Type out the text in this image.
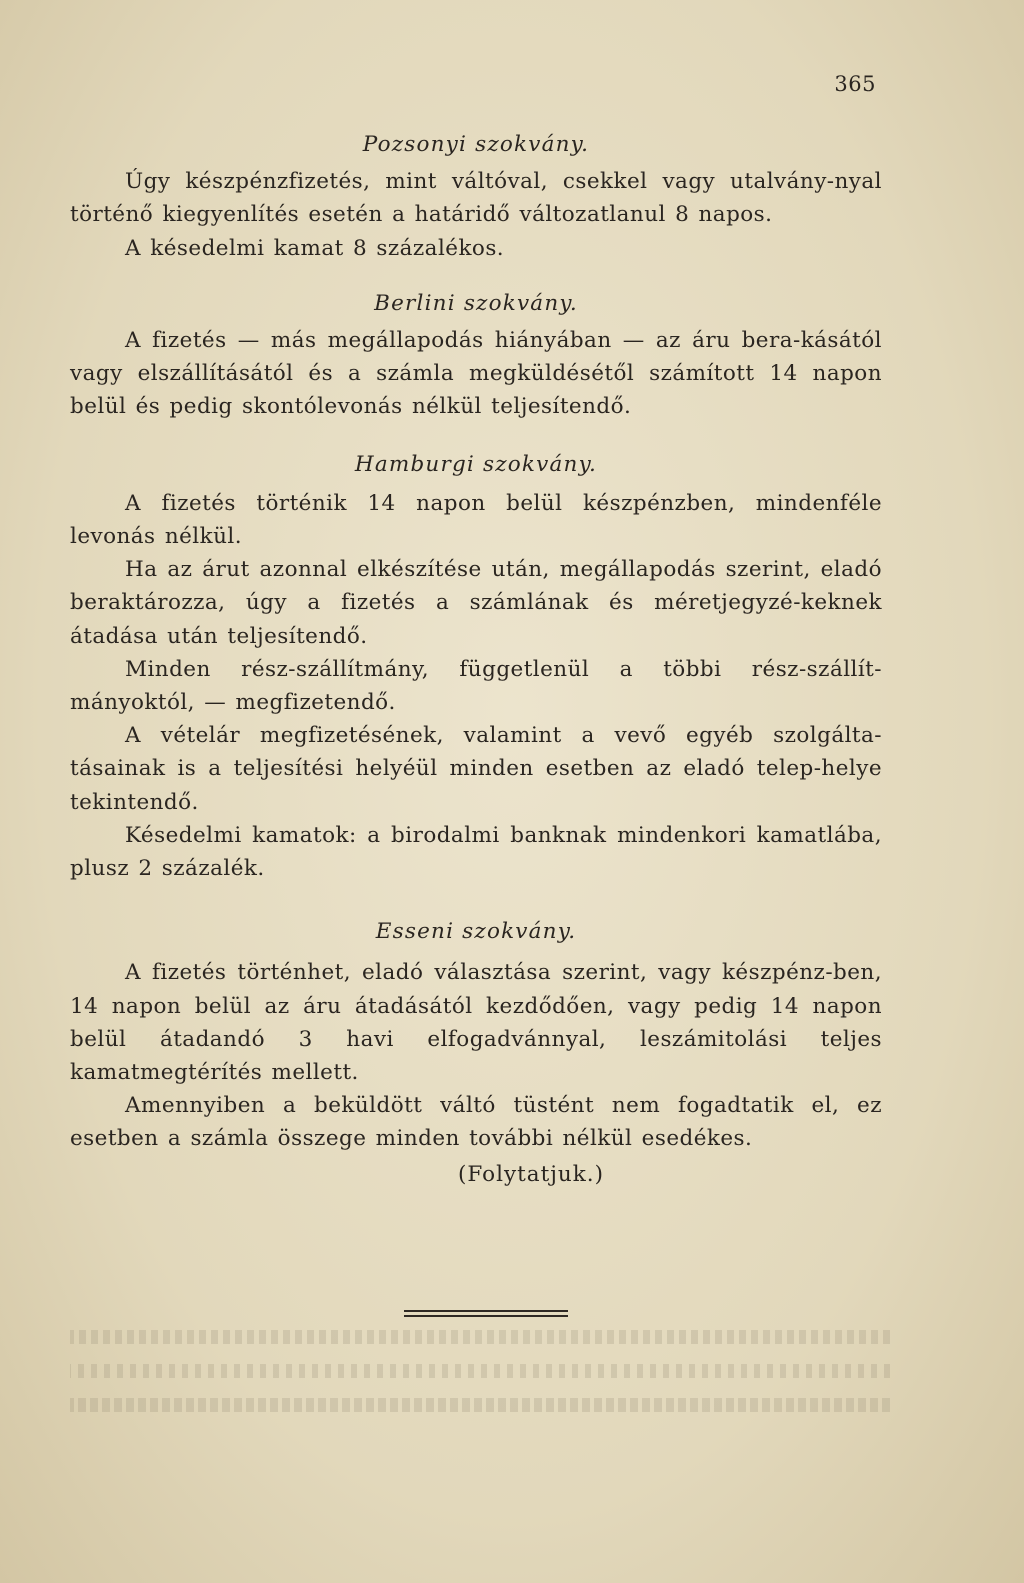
365

Pozsonyi szokvány.

Úgy készpénzfizetés, mint váltóval, csekkel vagy utalvány-nyal történő kiegyenlítés esetén a határidő változatlanul 8 napos.

A késedelmi kamat 8 százalékos.

Berlini szokvány.

A fizetés — más megállapodás hiányában — az áru bera-kásától vagy elszállításától és a számla megküldésétől számított 14 napon belül és pedig skontólevonás nélkül teljesítendő.

Hamburgi szokvány.

A fizetés történik 14 napon belül készpénzben, mindenféle levonás nélkül.

Ha az árut azonnal elkészítése után, megállapodás szerint, eladó beraktározza, úgy a fizetés a számlának és méretjegyzé-keknek átadása után teljesítendő.

Minden rész-szállítmány, függetlenül a többi rész-szállít-mányoktól, — megfizetendő.

A vételár megfizetésének, valamint a vevő egyéb szolgálta-tásainak is a teljesítési helyéül minden esetben az eladó telep-helye tekintendő.

Késedelmi kamatok: a birodalmi banknak mindenkori kamatlába, plusz 2 százalék.

Esseni szokvány.

A fizetés történhet, eladó választása szerint, vagy készpénz-ben, 14 napon belül az áru átadásától kezdődően, vagy pedig 14 napon belül átadandó 3 havi elfogadvánnyal, leszámitolási teljes kamatmegtérítés mellett.

Amennyiben a beküldött váltó tüstént nem fogadtatik el, ez esetben a számla összege minden további nélkül esedékes.

(Folytatjuk.)
